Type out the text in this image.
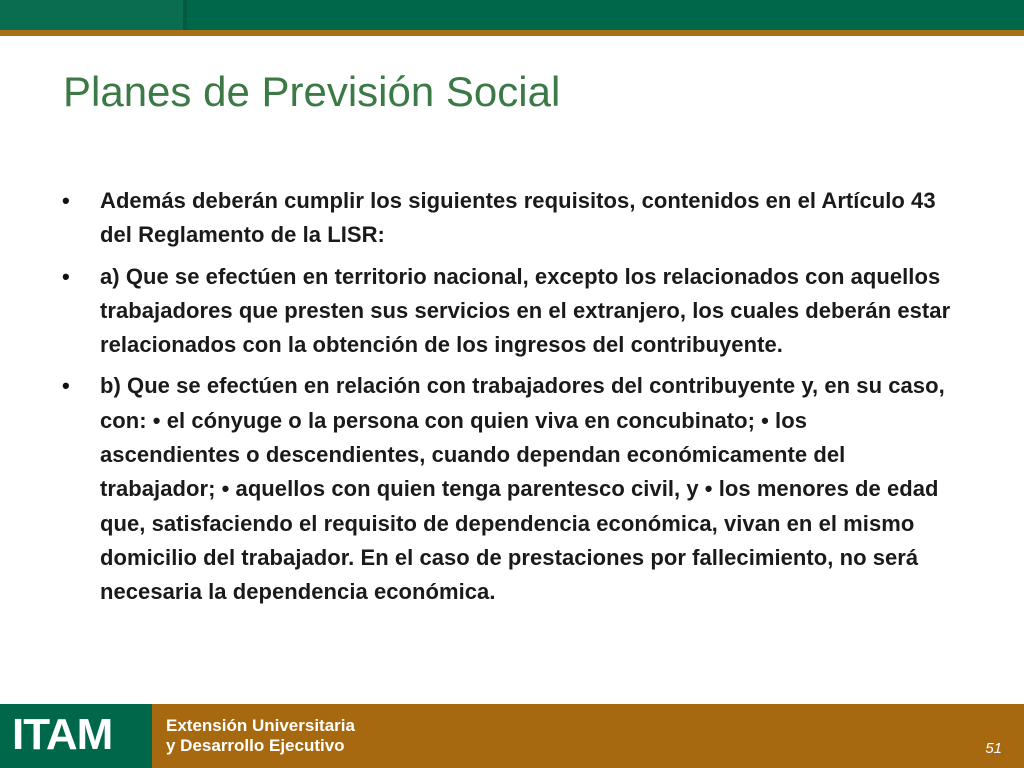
Planes de Previsión Social
•	Además deberán cumplir los siguientes requisitos, contenidos en el Artículo 43 del Reglamento de la LISR:
•	a) Que se efectúen en territorio nacional, excepto los relacionados con aquellos trabajadores que presten sus servicios en el extranjero, los cuales deberán estar relacionados con la obtención de los ingresos del contribuyente.
•	b) Que se efectúen en relación con trabajadores del contribuyente y, en su caso, con: • el cónyuge o la persona con quien viva en concubinato; • los ascendientes o descendientes, cuando dependan económicamente del trabajador; • aquellos con quien tenga parentesco civil, y • los menores de edad que, satisfaciendo el requisito de dependencia económica, vivan en el mismo domicilio del trabajador. En el caso de prestaciones por fallecimiento, no será necesaria la dependencia económica.
ITAM	Extensión Universitaria
y Desarrollo Ejecutivo	51
